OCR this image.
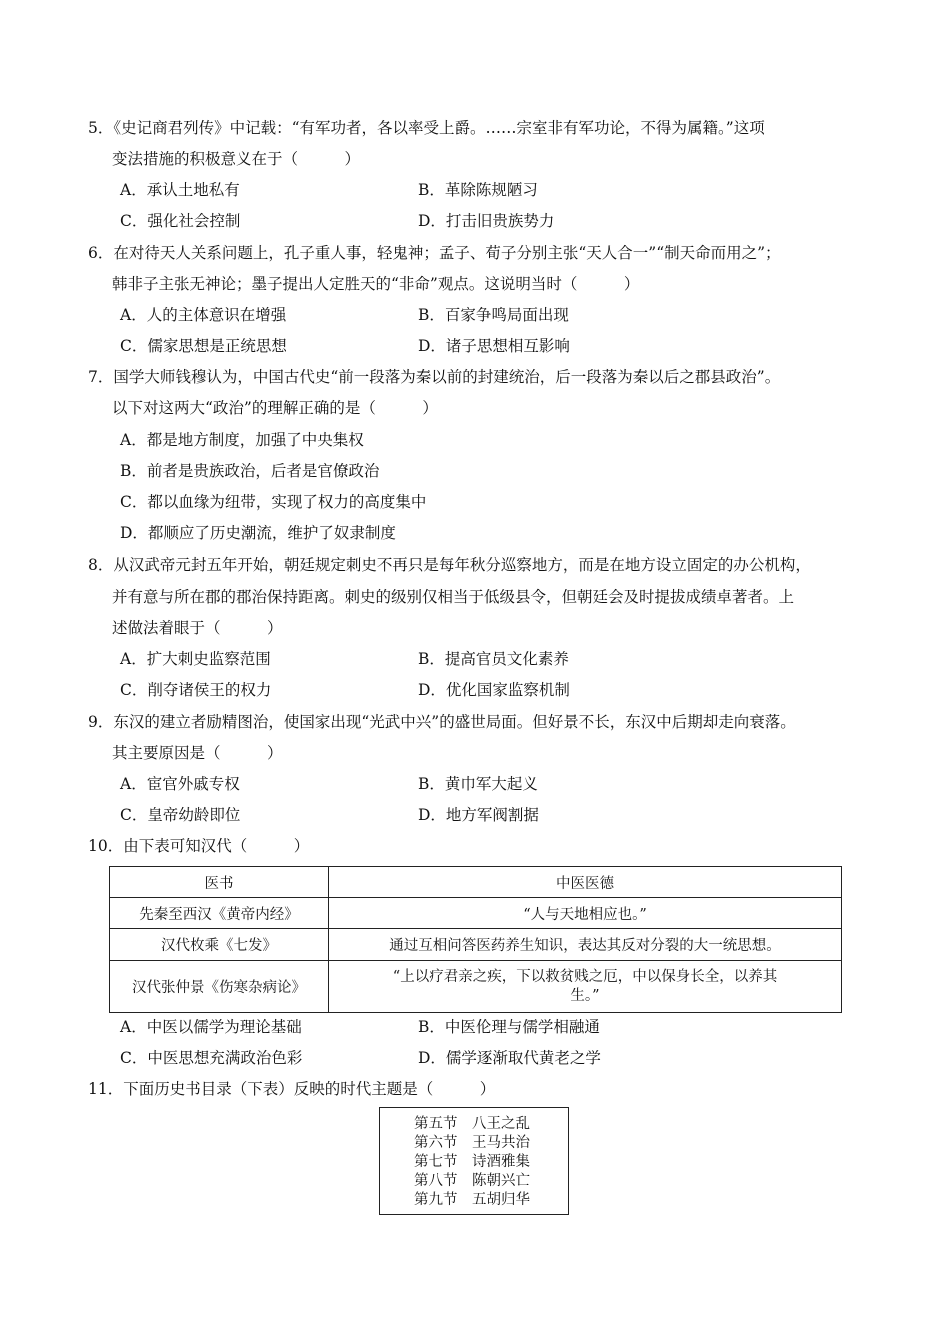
5．《史记商君列传》中记载：“有军功者，各以率受上爵。……宗室非有军功论，不得为属籍。”这项
变法措施的积极意义在于（　　　）
A．承认土地私有	B．革除陈规陋习
C．强化社会控制	D．打击旧贵族势力
6．在对待天人关系问题上，孔子重人事，轻鬼神；孟子、荀子分别主张“天人合一”“制天命而用之”；
韩非子主张无神论；墨子提出人定胜天的“非命”观点。这说明当时（　　　）
A．人的主体意识在增强	B．百家争鸣局面出现
C．儒家思想是正统思想	D．诸子思想相互影响
7．国学大师钱穆认为，中国古代史“前一段落为秦以前的封建统治，后一段落为秦以后之郡县政治”。
以下对这两大“政治”的理解正确的是（　　　）
A．都是地方制度，加强了中央集权
B．前者是贵族政治，后者是官僚政治
C．都以血缘为纽带，实现了权力的高度集中
D．都顺应了历史潮流，维护了奴隶制度
8．从汉武帝元封五年开始，朝廷规定刺史不再只是每年秋分巡察地方，而是在地方设立固定的办公机构，
并有意与所在郡的郡治保持距离。刺史的级别仅相当于低级县令，但朝廷会及时提拔成绩卓著者。上
述做法着眼于（　　　）
A．扩大刺史监察范围	B．提高官员文化素养
C．削夺诸侯王的权力	D．优化国家监察机制
9．东汉的建立者励精图治，使国家出现“光武中兴”的盛世局面。但好景不长，东汉中后期却走向衰落。
其主要原因是（　　　）
A．宦官外戚专权	B．黄巾军大起义
C．皇帝幼龄即位	D．地方军阀割据
10．由下表可知汉代（　　　）
医书	中医医德
先秦至西汉《黄帝内经》	“人与天地相应也。”
汉代枚乘《七发》	通过互相问答医药养生知识，表达其反对分裂的大一统思想。
汉代张仲景《伤寒杂病论》	“上以疗君亲之疾，下以救贫贱之厄，中以保身长全，以养其
生。”
A．中医以儒学为理论基础	B．中医伦理与儒学相融通
C．中医思想充满政治色彩	D．儒学逐渐取代黄老之学
11．下面历史书目录（下表）反映的时代主题是（　　　）
第五节　八王之乱
第六节　王马共治
第七节　诗酒雅集
第八节　陈朝兴亡
第九节　五胡归华
